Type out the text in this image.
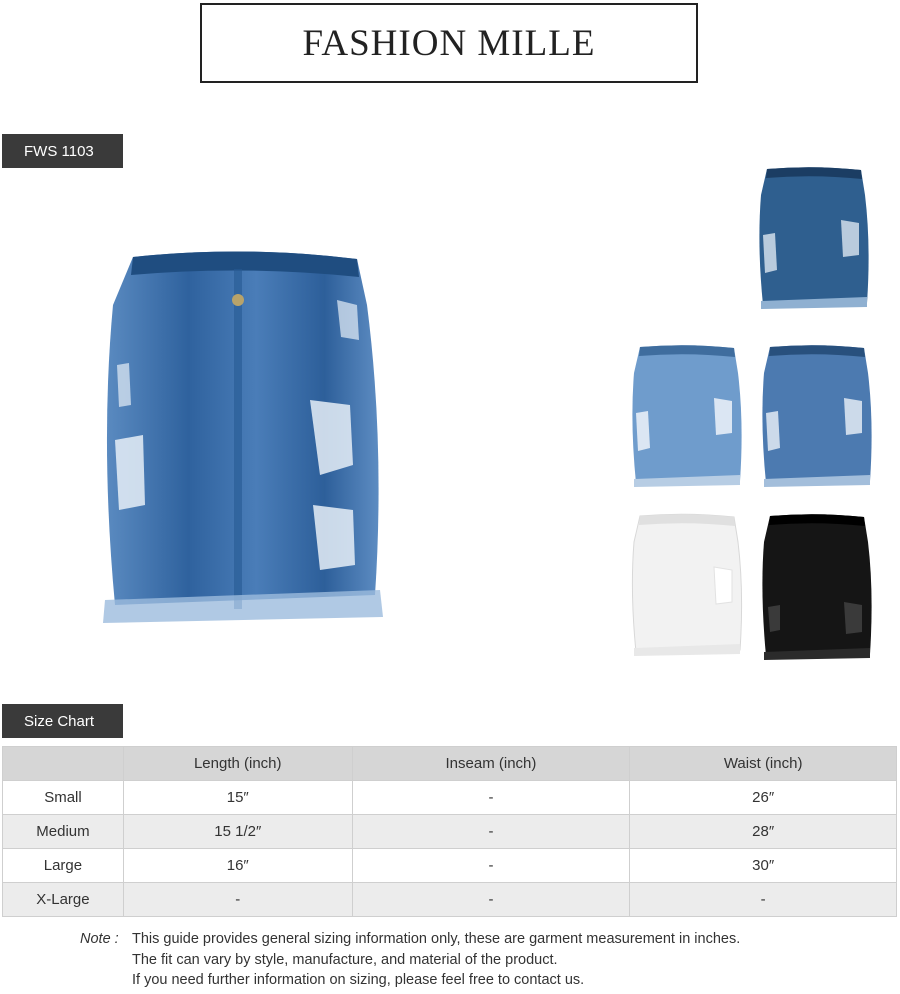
FASHION MILLE
FWS 1103
Size Chart
	Length (inch)	Inseam (inch)	Waist (inch)
Small	15″	-	26″
Medium	15 1/2″	-	28″
Large	16″	-	30″
X-Large	-	-	-
Note : This guide provides general sizing information only, these are garment measurement in inches.
The fit can vary by style, manufacture, and material of the product.
If you need further information on sizing, please feel free to contact us.
